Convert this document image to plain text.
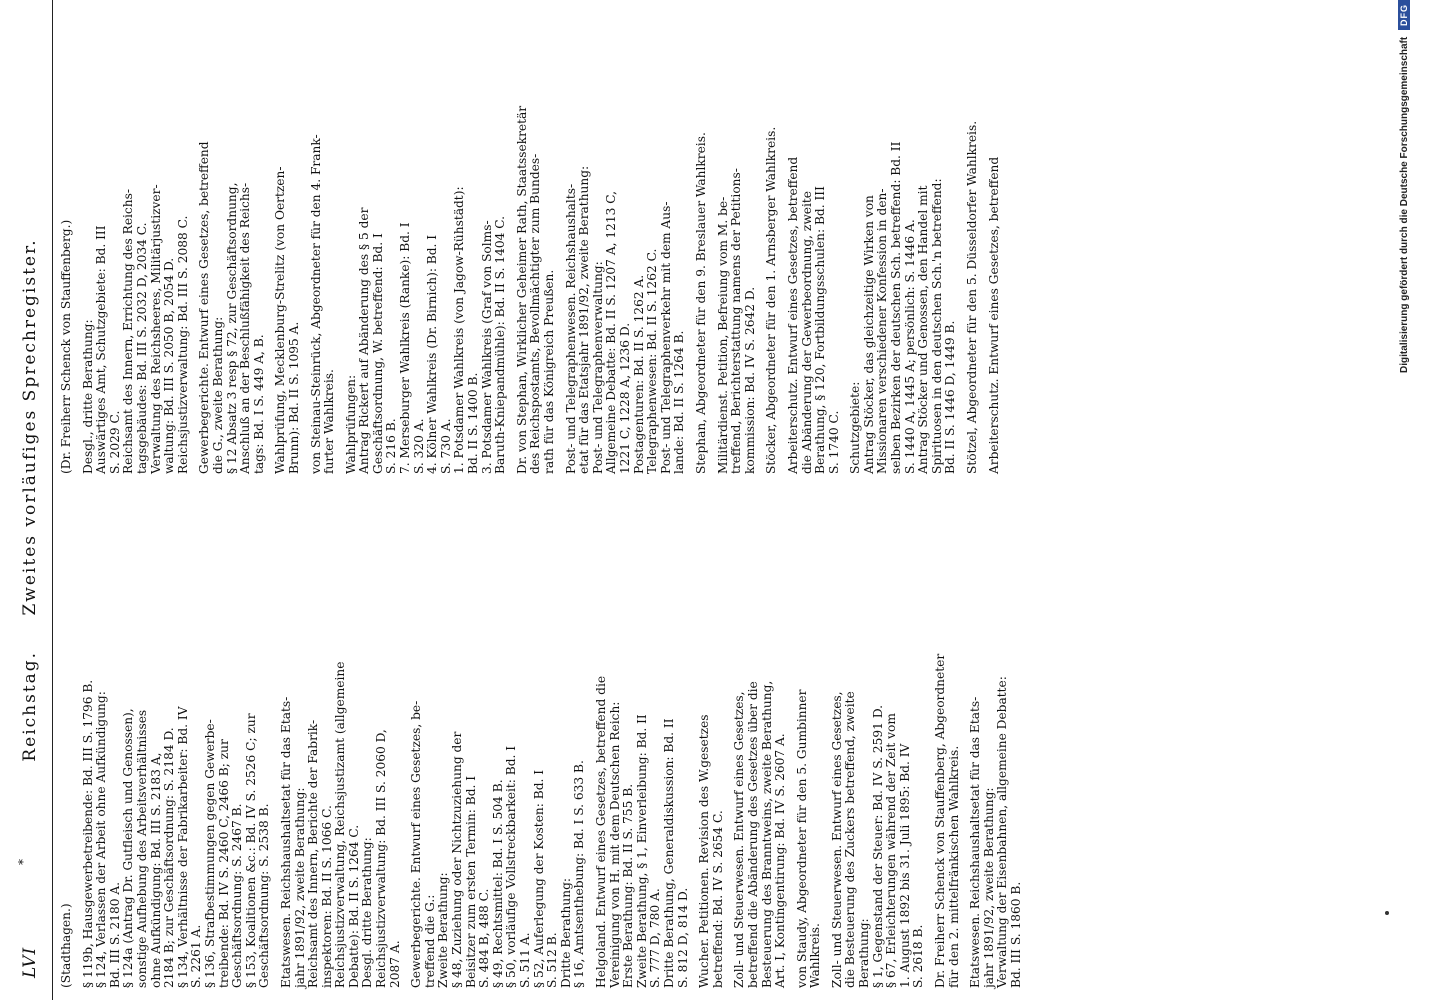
LVI
*
Reichstag. Zweites vorläufiges Sprechregister.
(Stadthagen.) § 119b, Hausgewerbetreibende: Bd. III S. 1796 B. § 124, Verlassen der Arbeit ohne Aufkündigung: Bd. III S. 2180 A. § 124a (Antrag Dr. Gutfleisch und Genossen), sonstige Aufhebung des Arbeitsverhältnisses ohne Aufkündigung: Bd. III S. 2183 A, 2184 B; zur Geschäftsordnung: S. 2184 D. § 134, Verhältnisse der Fabrikarbeiter: Bd. IV S. 2261 A. § 136, Strafbestimmungen gegen Gewerbe- treibende: Bd. IV S. 2460 C, 2466 B; zur Geschäftsordnung: S. 2467 B. § 153, Koalitionen &c.: Bd. IV S. 2526 C; zur Geschäftsordnung: S. 2538 B. Etatswesen. Reichshaushaltsetat für das Etats- jahr 1891/92, zweite Berathung: Reichsamt des Innern, Berichte der Fabrik- inspektoren: Bd. II S. 1066 C. Reichsjustizverwaltung, Reichsjustizamt (allgemeine Debatte): Bd. II S. 1264 C. Desgl. dritte Berathung: Reichsjustizverwaltung: Bd. III S. 2060 D, 2087 A. Gewerbegerichte. Entwurf eines Gesetzes, be- treffend die G.: Zweite Berathung: § 48, Zuziehung oder Nichtzuziehung der Beisitzer zum ersten Termin: Bd. I S. 484 B, 488 C. § 49, Rechtsmittel: Bd. I S. 504 B. § 50, vorläufige Vollstreckbarkeit: Bd. I S. 511 A. § 52, Auferlegung der Kosten: Bd. I S. 512 B. Dritte Berathung: § 16, Amtsenthebung: Bd. I S. 633 B. Helgoland. Entwurf eines Gesetzes, betreffend die Vereinigung von H. mit dem Deutschen Reich: Erste Berathung: Bd. II S. 755 B. Zweite Berathung, § 1, Einverleibung: Bd. II S. 777 D, 780 A. Dritte Berathung, Generaldiskussion: Bd. II S. 812 D, 814 D. Wucher. Petitionen. Revision des W.gesetzes betreffend: Bd. IV S. 2654 C. Zoll- und Steuerwesen. Entwurf eines Gesetzes, betreffend die Abänderung des Gesetzes über die Besteuerung des Branntweins, zweite Berathung, Art. I, Kontingentirung: Bd. IV S. 2607 A. von Staudy, Abgeordneter für den 5. Gumbinner Wahlkreis. Zoll- und Steuerwesen. Entwurf eines Gesetzes, die Besteuerung des Zuckers betreffend, zweite Berathung: § 1, Gegenstand der Steuer: Bd. IV S. 2591 D. § 67, Erleichterungen während der Zeit vom 1. August 1892 bis 31. Juli 1895: Bd. IV S. 2618 B. Dr. Freiherr Schenck von Stauffenberg, Abgeordneter für den 2. mittelfränkischen Wahlkreis. Etatswesen. Reichshaushaltsetat für das Etats- jahr 1891/92, zweite Berathung: Verwaltung der Eisenbahnen, allgemeine Debatte: Bd. III S. 1860 B.
(Dr. Freiherr Schenck von Stauffenberg.) Desgl., dritte Berathung: Auswärtiges Amt, Schutzgebiete: Bd. III S. 2029 C. Reichsamt des Innern, Errichtung des Reichs- tagsgebäudes: Bd. III S. 2032 D, 2034 C. Verwaltung des Reichsheeres, Militärjustizver- waltung: Bd. III S. 2050 B, 2054 D. Reichsjustizverwaltung: Bd. III S. 2088 C. Gewerbegerichte. Entwurf eines Gesetzes, betreffend die G., zweite Berathung: § 12 Absatz 3 resp § 72, zur Geschäftsordnung, Anschluß an der Beschlußfähigkeit des Reichs- tags: Bd. I S. 449 A, B. Wahlprüfung, Mecklenburg-Strelitz (von Oertzen- Brunn): Bd. II S. 1095 A. von Steinau-Steinrück, Abgeordneter für den 4. Frank- furter Wahlkreis. Wahlprüfungen: Antrag Rickert auf Abänderung des § 5 der Geschäftsordnung, W. betreffend: Bd. I S. 216 B. 7. Merseburger Wahlkreis (Ranke): Bd. I S. 320 A. 4. Kölner Wahlkreis (Dr. Birnich): Bd. I S. 730 A. 1. Potsdamer Wahlkreis (von Jagow-Rühstädt): Bd. II S. 1400 B. 3. Potsdamer Wahlkreis (Graf von Solms- Baruth-Kniepandmühle): Bd. II S. 1404 C. Dr. von Stephan, Wirklicher Geheimer Rath, Staatssekretär des Reichspostamts, Bevollmächtigter zum Bundes- rath für das Königreich Preußen. Post- und Telegraphenwesen. Reichshaushalts- etat für das Etatsjahr 1891/92, zweite Berathung: Post- und Telegraphenverwaltung: Allgemeine Debatte: Bd. II S. 1207 A, 1213 C, 1221 C, 1228 A, 1236 D. Postagenturen: Bd. II S. 1262 A. Telegraphenwesen: Bd. II S. 1262 C. Post- und Telegraphenverkehr mit dem Aus- lande: Bd. II S. 1264 B. Stephan, Abgeordneter für den 9. Breslauer Wahlkreis. Militärdienst. Petition, Befreiung vom M. be- treffend, Berichterstattung namens der Petitions- kommission: Bd. IV S. 2642 D. Stöcker, Abgeordneter für den 1. Arnsberger Wahlkreis. Arbeiterschutz. Entwurf eines Gesetzes, betreffend die Abänderung der Gewerbeordnung, zweite Berathung, § 120, Fortbildungsschulen: Bd. III S. 1740 C. Schutzgebiete: Antrag Stöcker, das gleichzeitige Wirken von Missionaren verschiedener Konfession in den- selben Bezirken der deutschen Sch. betreffend: Bd. II S. 1440 A, 1445 A; persönlich: S. 1446 A. Antrag Stöcker und Genossen, den Handel mit Spirituosen in den deutschen Sch.'n betreffend: Bd. II S. 1446 D, 1449 B. Stötzel, Abgeordneter für den 5. Düsseldorfer Wahlkreis. Arbeiterschutz. Entwurf eines Gesetzes, betreffend	Digitalisierung gefördert durch die Deutsche Forschungsgemeinschaft DFG
